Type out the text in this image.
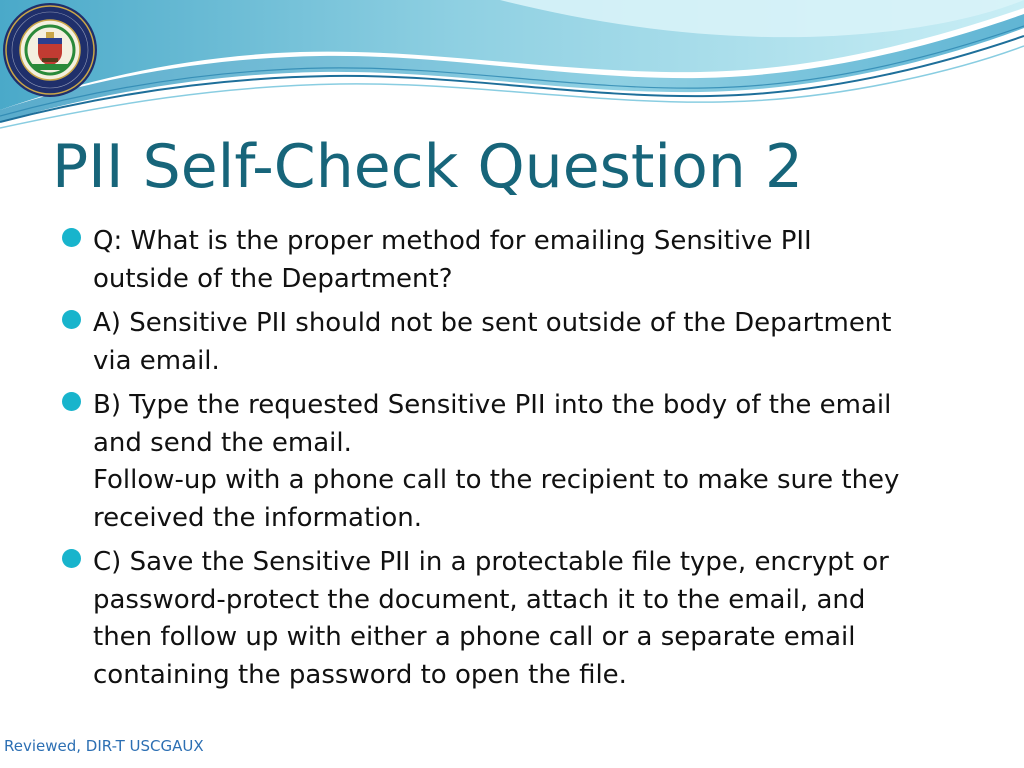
PII Self-Check Question 2
Q: What is the proper method for emailing Sensitive PII
outside of the Department?
A) Sensitive PII should not be sent outside of the Department
via email.
B) Type the requested Sensitive PII into the body of the email
and send the email.
Follow-up with a phone call to the recipient to make sure they
received the information.
C) Save the Sensitive PII in a protectable file type, encrypt or
password-protect the document, attach it to the email, and
then follow up with either a phone call or a separate email
containing the password to open the file.
Reviewed, DIR-T USCGAUX
